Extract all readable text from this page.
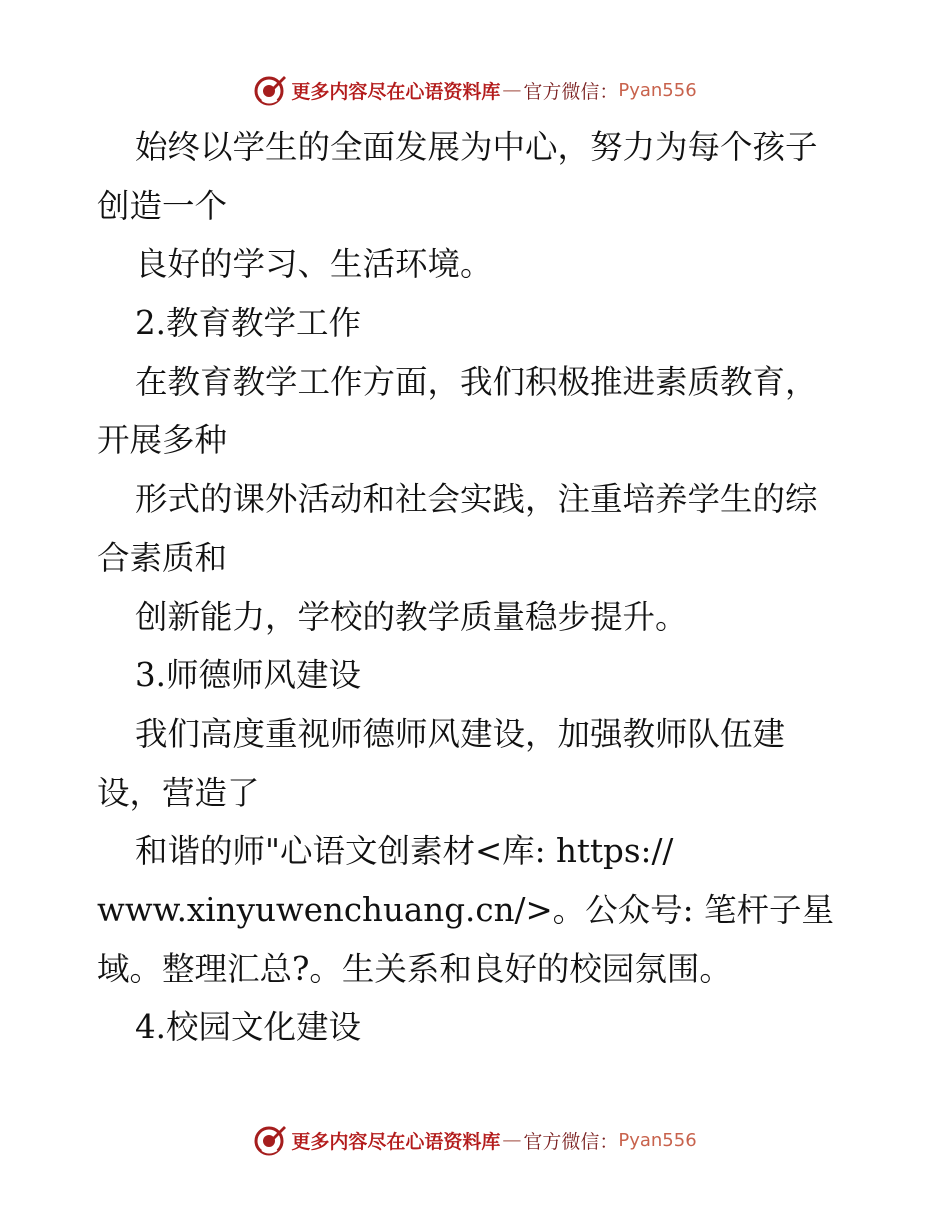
更多内容尽在心语资料库 — 官方微信： Pyan556
始终以学生的全面发展为中心，努力为每个孩子
创造一个
良好的学习、生活环境。
2.教育教学工作
在教育教学工作方面，我们积极推进素质教育，
开展多种
形式的课外活动和社会实践，注重培养学生的综
合素质和
创新能力，学校的教学质量稳步提升。
3.师德师风建设
我们高度重视师德师风建设，加强教师队伍建
设，营造了
和谐的师"心语文创素材<库: https://
www.xinyuwenchuang.cn/>。公众号: 笔杆子星
域。整理汇总?。生关系和良好的校园氛围。
4.校园文化建设
更多内容尽在心语资料库 — 官方微信： Pyan556
